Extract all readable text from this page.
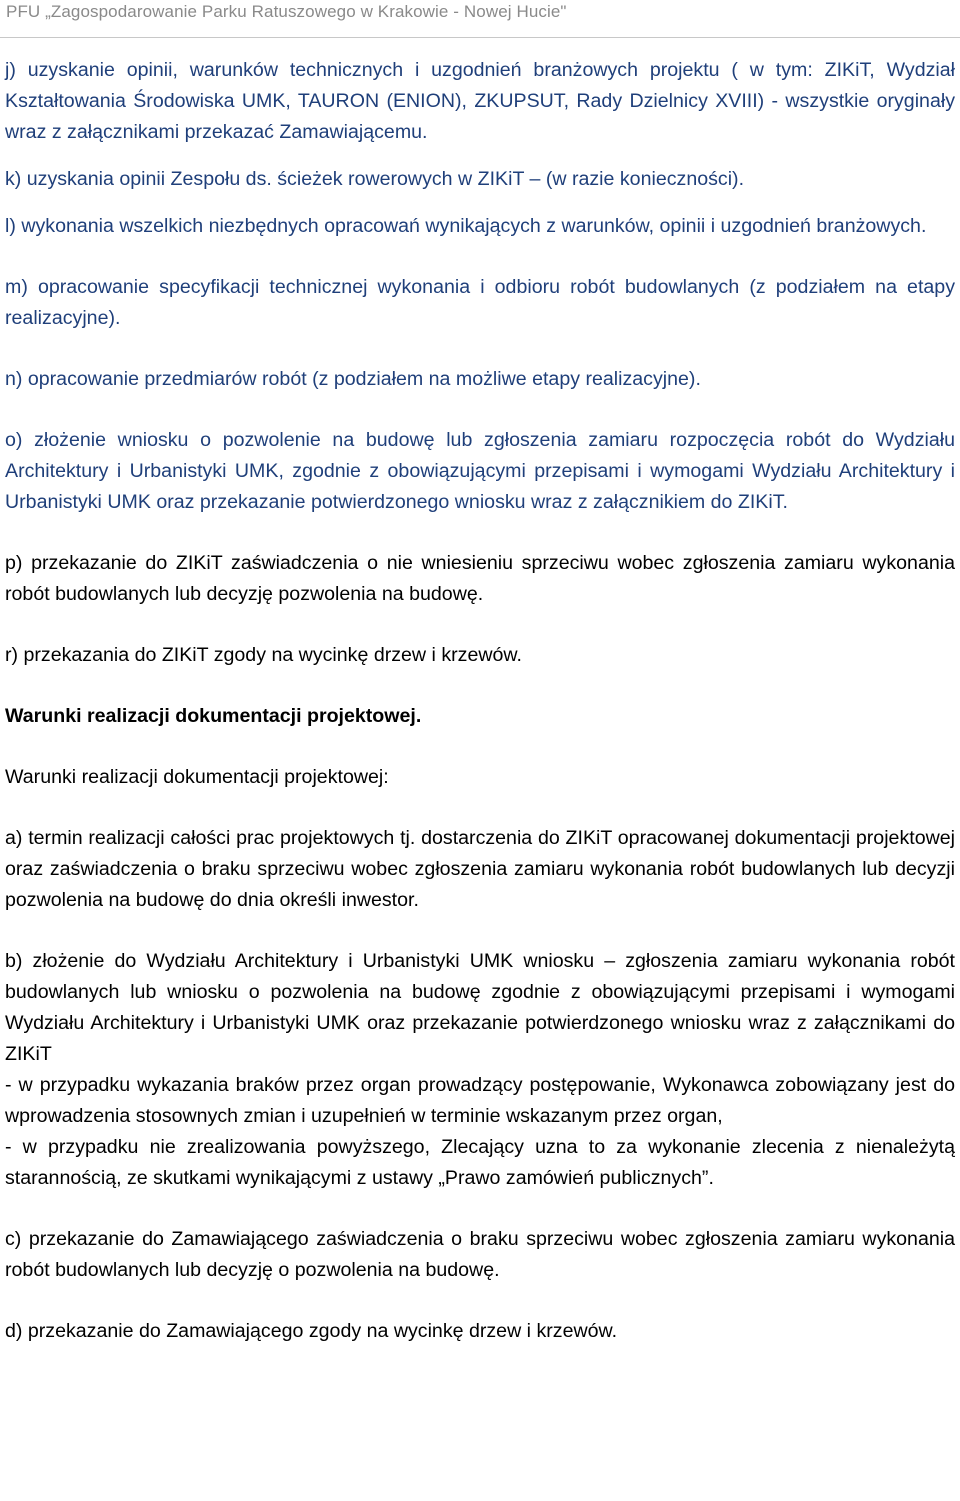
PFU „Zagospodarowanie Parku Ratuszowego w Krakowie - Nowej Hucie"

j) uzyskanie opinii, warunków technicznych i uzgodnień branżowych projektu ( w tym: ZIKiT, Wydział Kształtowania Środowiska UMK, TAURON (ENION), ZKUPSUT, Rady Dzielnicy XVIII) - wszystkie oryginały wraz z załącznikami przekazać Zamawiającemu.

k) uzyskania opinii Zespołu ds. ścieżek rowerowych w ZIKiT – (w razie konieczności).

l) wykonania wszelkich niezbędnych opracowań wynikających z warunków, opinii i uzgodnień branżowych.

m) opracowanie specyfikacji technicznej wykonania i odbioru robót budowlanych (z podziałem na etapy realizacyjne).

n) opracowanie przedmiarów robót (z podziałem na możliwe etapy realizacyjne).

o) złożenie wniosku o pozwolenie na budowę lub zgłoszenia zamiaru rozpoczęcia robót do Wydziału Architektury i Urbanistyki UMK, zgodnie z obowiązującymi przepisami i wymogami Wydziału Architektury i Urbanistyki UMK oraz przekazanie potwierdzonego wniosku wraz z załącznikiem do ZIKiT.

p) przekazanie do ZIKiT zaświadczenia o nie wniesieniu sprzeciwu wobec zgłoszenia zamiaru wykonania robót budowlanych lub decyzję pozwolenia na budowę.

r) przekazania do ZIKiT zgody na wycinkę drzew i krzewów.

Warunki realizacji dokumentacji projektowej.

Warunki realizacji dokumentacji projektowej:

a) termin realizacji całości prac projektowych tj. dostarczenia do ZIKiT opracowanej dokumentacji projektowej oraz zaświadczenia o braku sprzeciwu wobec zgłoszenia zamiaru wykonania robót budowlanych lub decyzji pozwolenia na budowę do dnia określi inwestor.

b) złożenie do Wydziału Architektury i Urbanistyki UMK wniosku – zgłoszenia zamiaru wykonania robót budowlanych lub wniosku o pozwolenia na budowę zgodnie z obowiązującymi przepisami i wymogami Wydziału Architektury i Urbanistyki UMK oraz przekazanie potwierdzonego wniosku wraz z załącznikami do ZIKiT

- w przypadku wykazania braków przez organ prowadzący postępowanie, Wykonawca zobowiązany jest do wprowadzenia stosownych zmian i uzupełnień w terminie wskazanym przez organ,

- w przypadku nie zrealizowania powyższego, Zlecający uzna to za wykonanie zlecenia z nienależytą starannością, ze skutkami wynikającymi z ustawy „Prawo zamówień publicznych”.

c) przekazanie do Zamawiającego zaświadczenia o braku sprzeciwu wobec zgłoszenia zamiaru wykonania robót budowlanych lub decyzję o pozwolenia na budowę.

d) przekazanie do Zamawiającego zgody na wycinkę drzew i krzewów.
